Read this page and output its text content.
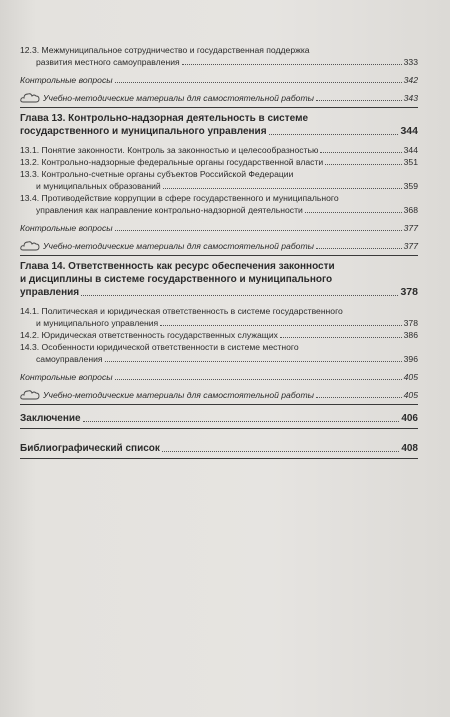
12.3. Межмуниципальное сотрудничество и государственная поддержка
развития местного самоуправления	333
Контрольные вопросы	342
Учебно-методические материалы для самостоятельной работы	343
Глава 13. Контрольно-надзорная деятельность в системе
государственного и муниципального управления	344
13.1. Понятие законности. Контроль за законностью и целесообразностью	344
13.2. Контрольно-надзорные федеральные органы государственной власти	351
13.3. Контрольно-счетные органы субъектов Российской Федерации
и муниципальных образований	359
13.4. Противодействие коррупции в сфере государственного и муниципального
управления как направление контрольно-надзорной деятельности	368
Контрольные вопросы	377
Учебно-методические материалы для самостоятельной работы	377
Глава 14. Ответственность как ресурс обеспечения законности
и дисциплины в системе государственного и муниципального
управления	378
14.1. Политическая и юридическая ответственность в системе государственного
и муниципального управления	378
14.2. Юридическая ответственность государственных служащих	386
14.3. Особенности юридической ответственности в системе местного
самоуправления	396
Контрольные вопросы	405
Учебно-методические материалы для самостоятельной работы	405
Заключение	406
Библиографический список	408
